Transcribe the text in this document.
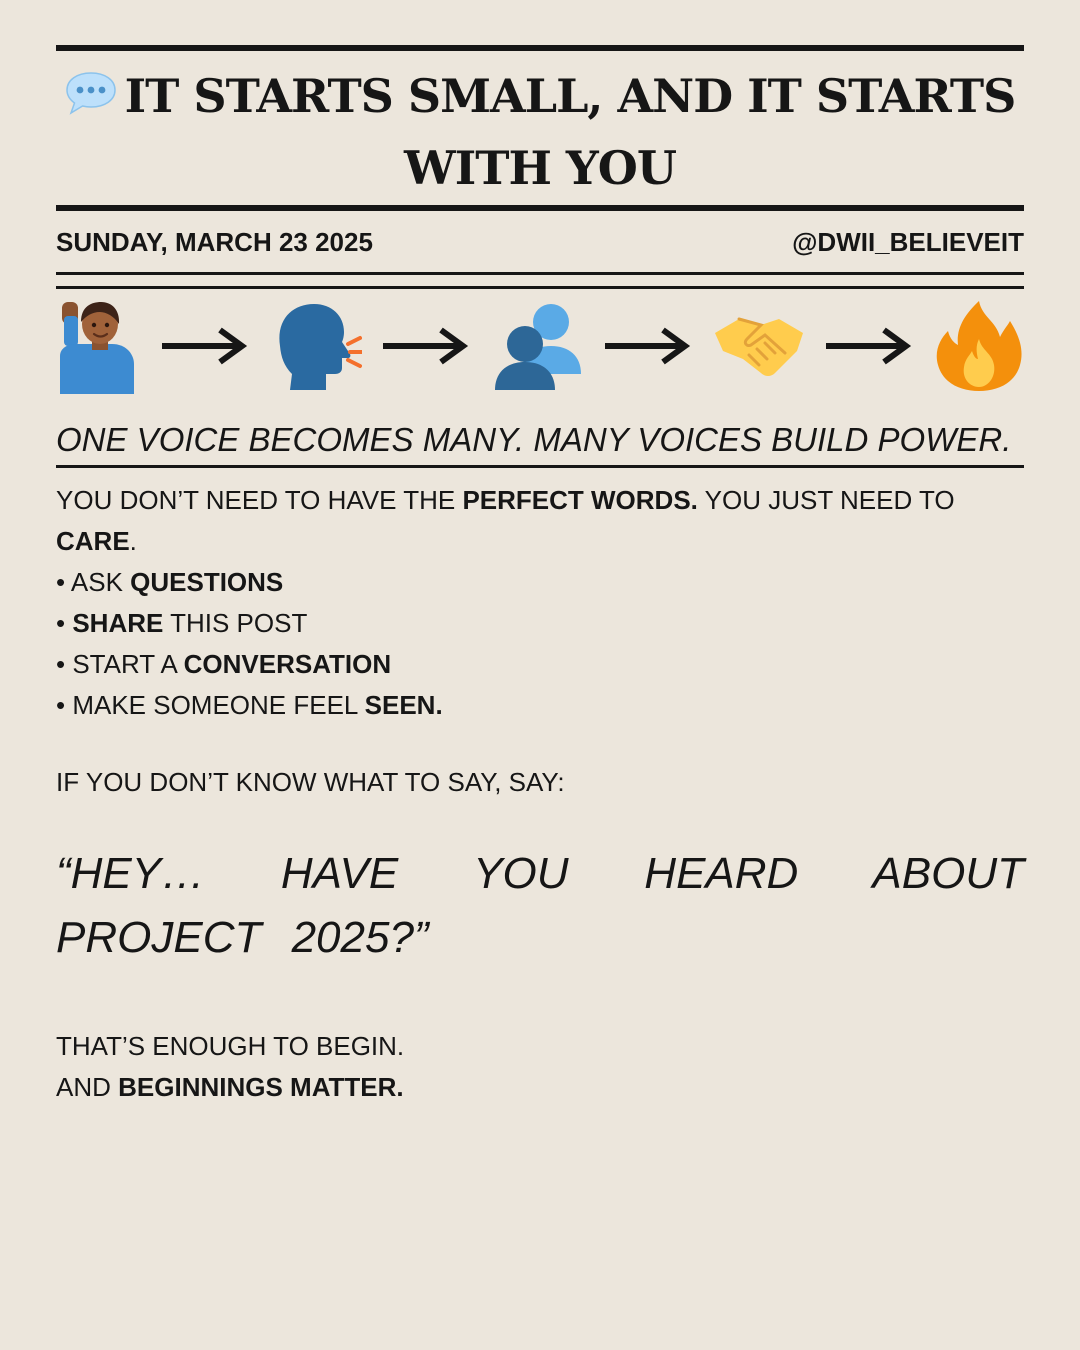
IT STARTS SMALL, AND IT STARTS WITH YOU
SUNDAY, MARCH 23 2025	@DWII_BELIEVEIT
ONE VOICE BECOMES MANY. MANY VOICES BUILD POWER.
YOU DON’T NEED TO HAVE THE PERFECT WORDS. YOU JUST NEED TO CARE.
• ASK QUESTIONS
• SHARE THIS POST
• START A CONVERSATION
• MAKE SOMEONE FEEL SEEN.
IF YOU DON’T KNOW WHAT TO SAY, SAY:
“HEY… HAVE YOU HEARD ABOUT PROJECT 2025?”
THAT’S ENOUGH TO BEGIN.
AND BEGINNINGS MATTER.
